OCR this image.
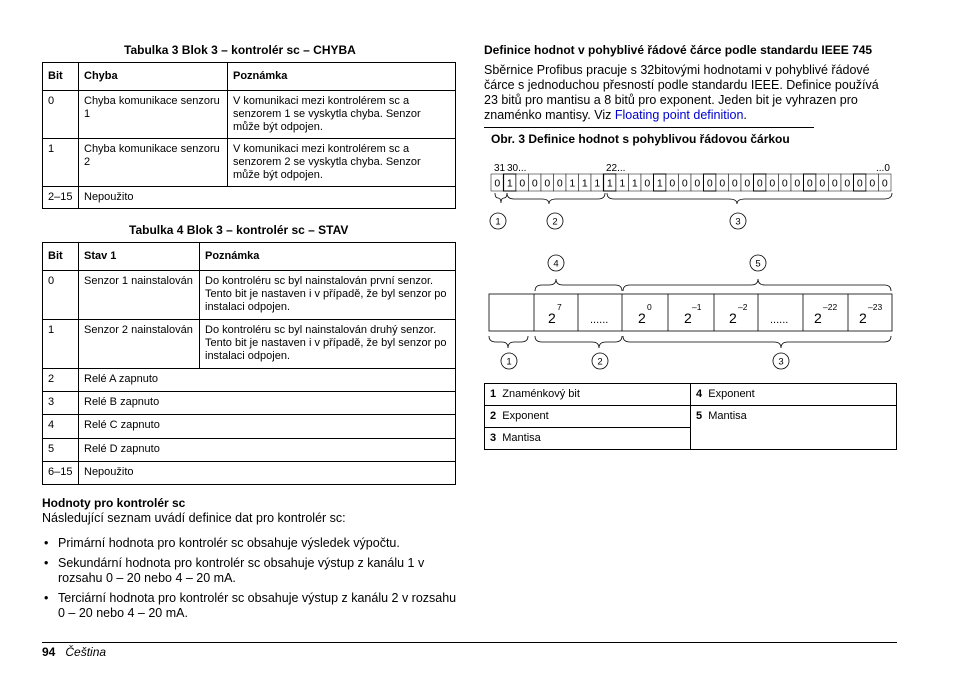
Tabulka 3 Blok 3 – kontrolér sc – CHYBA
Bit	Chyba	Poznámka
0	Chyba komunikace senzoru 1	V komunikaci mezi kontrolérem sc a senzorem 1 se vyskytla chyba. Senzor může být odpojen.
1	Chyba komunikace senzoru 2	V komunikaci mezi kontrolérem sc a senzorem 2 se vyskytla chyba. Senzor může být odpojen.
2–15	Nepoužito	
Tabulka 4 Blok 3 – kontrolér sc – STAV
Bit	Stav 1	Poznámka
0	Senzor 1 nainstalován	Do kontroléru sc byl nainstalován první senzor. Tento bit je nastaven i v případě, že byl senzor po instalaci odpojen.
1	Senzor 2 nainstalován	Do kontroléru sc byl nainstalován druhý senzor. Tento bit je nastaven i v případě, že byl senzor po instalaci odpojen.
2	Relé A zapnuto	
3	Relé B zapnuto	
4	Relé C zapnuto	
5	Relé D zapnuto	
6–15	Nepoužito	
Hodnoty pro kontrolér sc
Následující seznam uvádí definice dat pro kontrolér sc:
• Primární hodnota pro kontrolér sc obsahuje výsledek výpočtu.
• Sekundární hodnota pro kontrolér sc obsahuje výstup z kanálu 1 v rozsahu 0 – 20 nebo 4 – 20 mA.
• Terciární hodnota pro kontrolér sc obsahuje výstup z kanálu 2 v rozsahu 0 – 20 nebo 4 – 20 mA.
Definice hodnot v pohyblivé řádové čárce podle standardu IEEE 745
Sběrnice Profibus pracuje s 32bitovými hodnotami v pohyblivé řádové čárce s jednoduchou přesností podle standardu IEEE. Definice používá 23 bitů pro mantisu a 8 bitů pro exponent. Jeden bit je vyhrazen pro znaménko mantisy. Viz Floating point definition.
Obr. 3 Definice hodnot s pohyblivou řádovou čárkou
31 30...	22...	...0
0 1 0 0 0 0 1 1 1 1 1 1 0 1 0 0 0 0 0 0 0 0 0 0 0 0 0 0 0 0 0 0
1	2	3
4	5
2
7
...... 2
0
2
–1
2
–2
...... 2
–22
2
–23
1	2	3
1 Znaménkový bit	4 Exponent
2 Exponent	5 Mantisa
3 Mantisa	
94 Čeština
